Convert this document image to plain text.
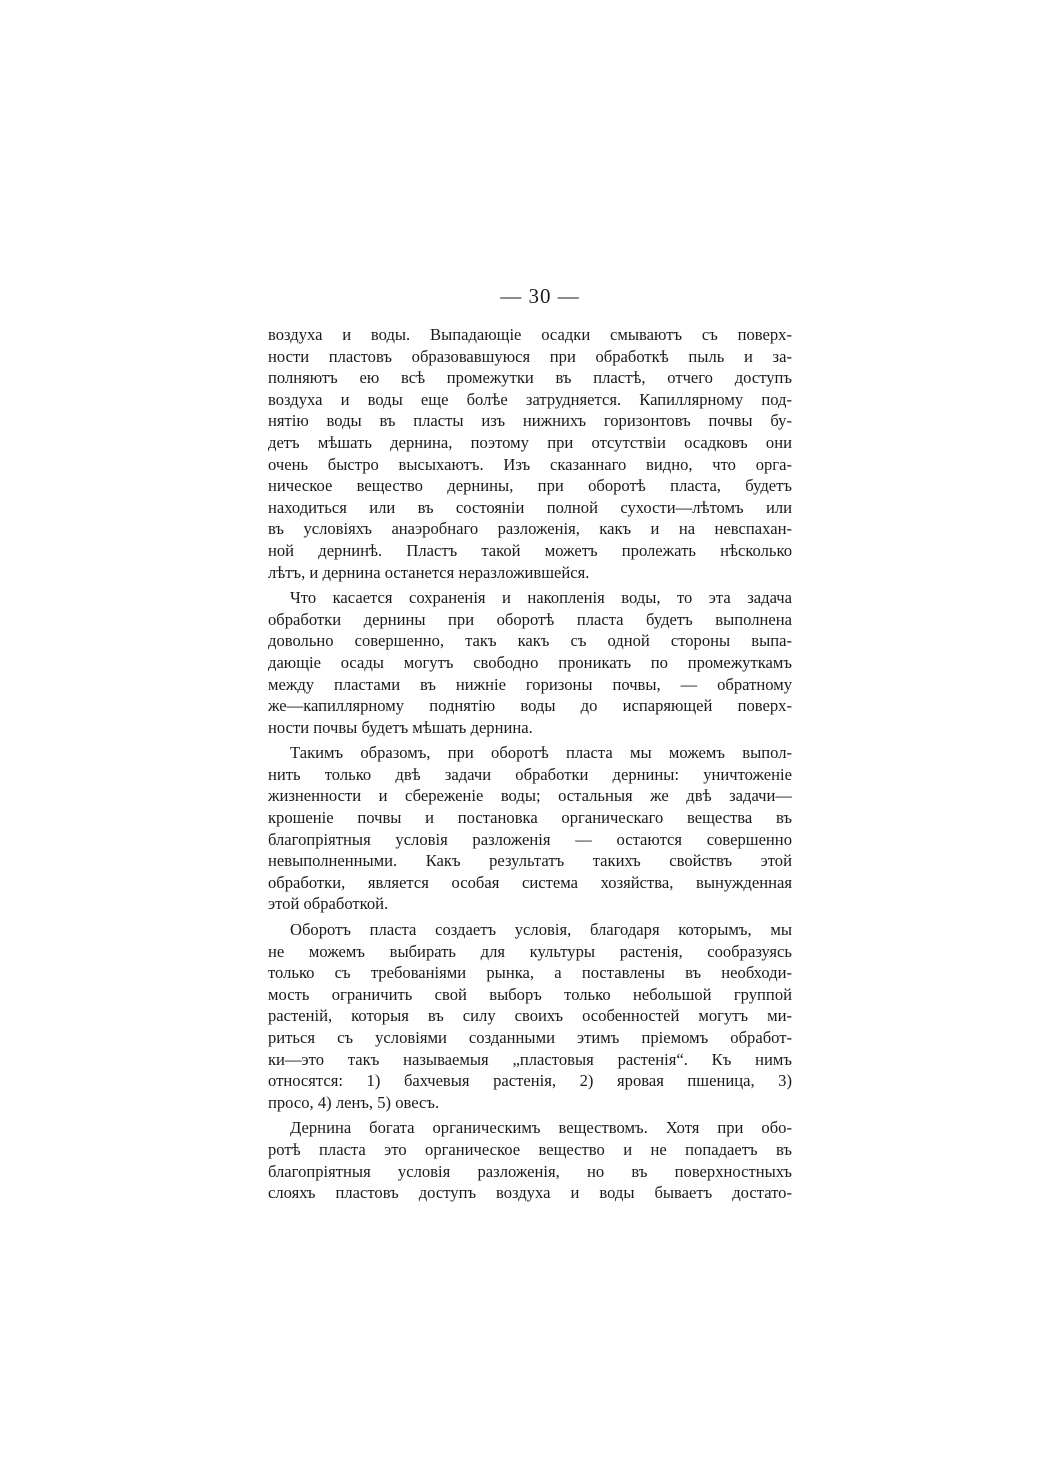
— 30 —

воздуха и воды. Выпадающіе осадки смываютъ съ поверх-
ности пластовъ образовавшуюся при обработкѣ пыль и за-
полняютъ ею всѣ промежутки въ пластѣ, отчего доступъ
воздуха и воды еще болѣе затрудняется. Капиллярному под-
нятію воды въ пласты изъ нижнихъ горизонтовъ почвы бу-
детъ мѣшать дернина, поэтому при отсутствіи осадковъ они
очень быстро высыхаютъ. Изъ сказаннаго видно, что орга-
ническое вещество дернины, при оборотѣ пласта, будетъ
находиться или въ состояніи полной сухости—лѣтомъ или
въ условіяхъ анаэробнаго разложенія, какъ и на невспахан-
ной дернинѣ. Пластъ такой можетъ пролежать нѣсколько
лѣтъ, и дернина останется неразложившейся.

Что касается сохраненія и накопленія воды, то эта задача
обработки дернины при оборотѣ пласта будетъ выполнена
довольно совершенно, такъ какъ съ одной стороны выпа-
дающіе осады могутъ свободно проникать по промежуткамъ
между пластами въ нижніе горизоны почвы, — обратному
же—капиллярному поднятію воды до испаряющей поверх-
ности почвы будетъ мѣшать дернина.

Такимъ образомъ, при оборотѣ пласта мы можемъ выпол-
нить только двѣ задачи обработки дернины: уничтоженіе
жизненности и сбереженіе воды; остальныя же двѣ задачи—
крошеніе почвы и постановка органическаго вещества въ
благопріятныя условія разложенія — остаются совершенно
невыполненными. Какъ результатъ такихъ свойствъ этой
обработки, является особая система хозяйства, вынужденная
этой обработкой.

Оборотъ пласта создаетъ условія, благодаря которымъ, мы
не можемъ выбирать для культуры растенія, сообразуясь
только съ требованіями рынка, а поставлены въ необходи-
мость ограничить свой выборъ только небольшой группой
растеній, которыя въ силу своихъ особенностей могутъ ми-
риться съ условіями созданными этимъ пріемомъ обработ-
ки—это такъ называемыя „пластовыя растенія“. Къ нимъ
относятся: 1) бахчевыя растенія, 2) яровая пшеница, 3)
просо, 4) ленъ, 5) овесъ.

Дернина богата органическимъ веществомъ. Хотя при обо-
ротѣ пласта это органическое вещество и не попадаетъ въ
благопріятныя условія разложенія, но въ поверхностныхъ
слояхъ пластовъ доступъ воздуха и воды бываетъ достато-
